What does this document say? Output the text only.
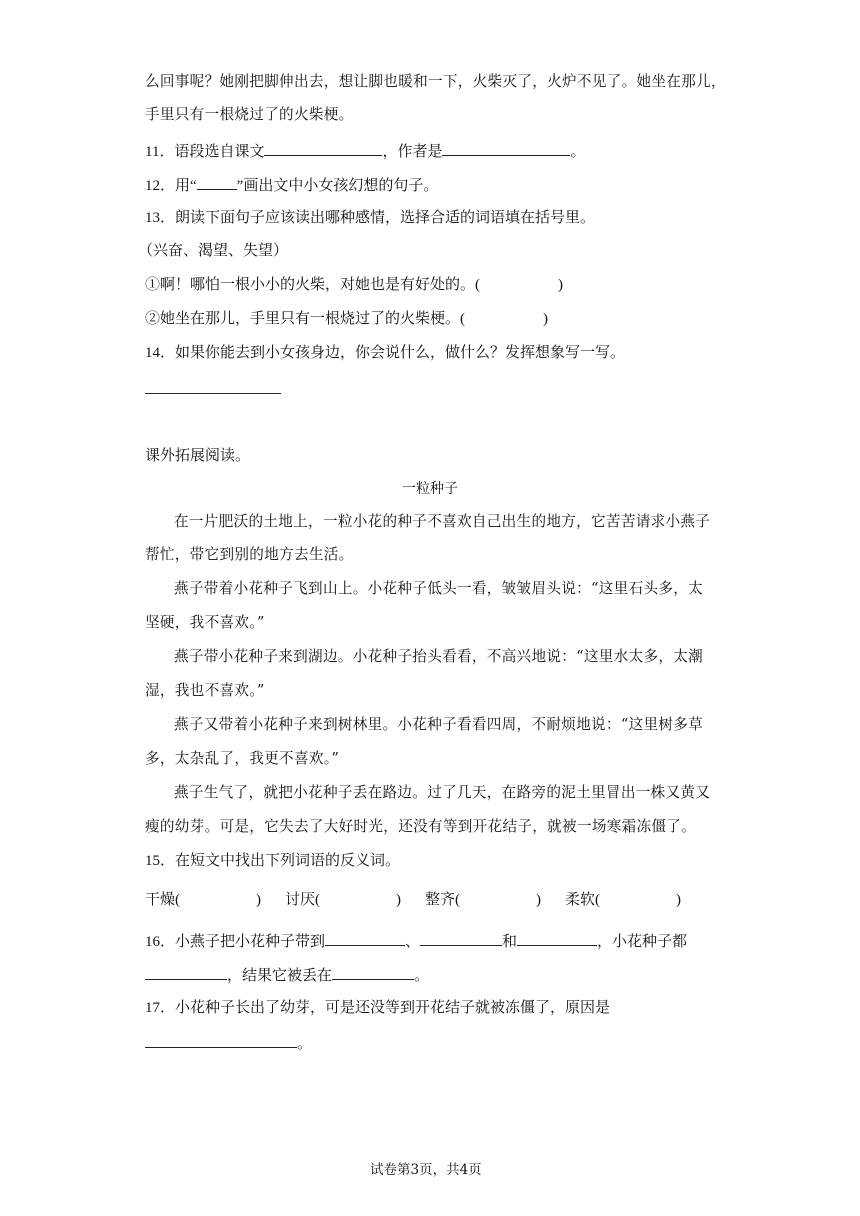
么回事呢？她刚把脚伸出去，想让脚也暖和一下，火柴灭了，火炉不见了。她坐在那儿，
手里只有一根烧过了的火柴梗。
11．语段选自课文	，作者是	。
12．用“	”画出文中小女孩幻想的句子。
13．朗读下面句子应该读出哪种感情，选择合适的词语填在括号里。
（兴奋、渴望、失望）
①啊！哪怕一根小小的火柴，对她也是有好处的。(	)
②她坐在那儿，手里只有一根烧过了的火柴梗。(	)
14．如果你能去到小女孩身边，你会说什么，做什么？发挥想象写一写。
课外拓展阅读。
一粒种子
在一片肥沃的土地上，一粒小花的种子不喜欢自己出生的地方，它苦苦请求小燕子
帮忙，带它到别的地方去生活。
燕子带着小花种子飞到山上。小花种子低头一看，皱皱眉头说：“这里石头多，太
坚硬，我不喜欢。”
燕子带小花种子来到湖边。小花种子抬头看看，不高兴地说：“这里水太多，太潮
湿，我也不喜欢。”
燕子又带着小花种子来到树林里。小花种子看看四周，不耐烦地说：“这里树多草
多，太杂乱了，我更不喜欢。”
燕子生气了，就把小花种子丢在路边。过了几天，在路旁的泥土里冒出一株又黄又
瘦的幼芽。可是，它失去了大好时光，还没有等到开花结子，就被一场寒霜冻僵了。
15．在短文中找出下列词语的反义词。
干燥(	) 讨厌(	) 整齐(	) 柔软(	)
16．小燕子把小花种子带到	、	和	，小花种子都
，结果它被丢在	。
17．小花种子长出了幼芽，可是还没等到开花结子就被冻僵了，原因是
。
试卷第3页，共4页
